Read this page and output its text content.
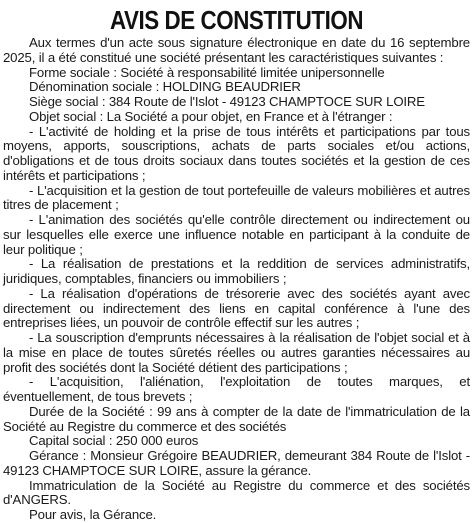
AVIS DE CONSTITUTION

Aux termes d'un acte sous signature électronique en date du 16 septembre 2025, il a été constitué une société présentant les caractéristiques suivantes :

Forme sociale : Société à responsabilité limitée unipersonnelle

Dénomination sociale : HOLDING BEAUDRIER

Siège social : 384 Route de l'Islot - 49123 CHAMPTOCE SUR LOIRE

Objet social : La Société a pour objet, en France et à l'étranger :

- L'activité de holding et la prise de tous intérêts et participations par tous moyens, apports, souscriptions, achats de parts sociales et/ou actions, d'obligations et de tous droits sociaux dans toutes sociétés et la gestion de ces intérêts et participations ;

- L'acquisition et la gestion de tout portefeuille de valeurs mobilières et autres titres de placement ;

- L'animation des sociétés qu'elle contrôle directement ou indirectement ou sur lesquelles elle exerce une influence notable en participant à la conduite de leur politique ;

- La réalisation de prestations et la reddition de services administratifs, juridiques, comptables, financiers ou immobiliers ;

- La réalisation d'opérations de trésorerie avec des sociétés ayant avec directement ou indirectement des liens en capital conférence à l'une des entreprises liées, un pouvoir de contrôle effectif sur les autres ;

- La souscription d'emprunts nécessaires à la réalisation de l'objet social et à la mise en place de toutes sûretés réelles ou autres garanties nécessaires au profit des sociétés dont la Société détient des participations ;

- L'acquisition, l'aliénation, l'exploitation de toutes marques, et éventuellement, de tous brevets ;

Durée de la Société : 99 ans à compter de la date de l'immatriculation de la Société au Registre du commerce et des sociétés

Capital social : 250 000 euros

Gérance : Monsieur Grégoire BEAUDRIER, demeurant 384 Route de l'Islot - 49123 CHAMPTOCE SUR LOIRE, assure la gérance.

Immatriculation de la Société au Registre du commerce et des sociétés d'ANGERS.

Pour avis, la Gérance.
